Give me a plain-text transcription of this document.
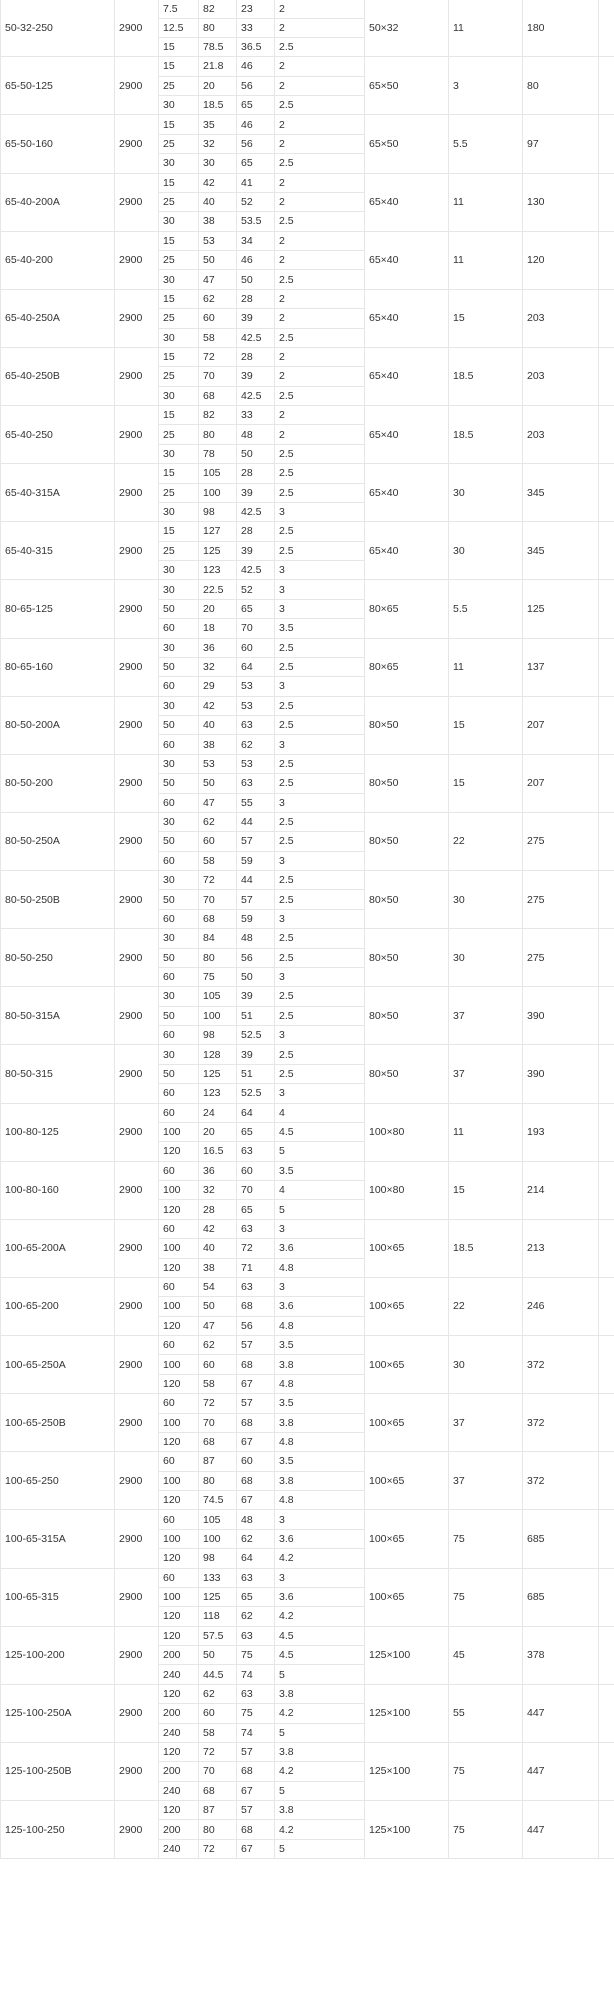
50-32-250	2900	7.5	82	23	2	50×32	11	180	
		12.5	80	33	2				
		15	78.5	36.5	2.5				
65-50-125	2900	15	21.8	46	2	65×50	3	80	
		25	20	56	2				
		30	18.5	65	2.5				
65-50-160	2900	15	35	46	2	65×50	5.5	97	
		25	32	56	2				
		30	30	65	2.5				
65-40-200A	2900	15	42	41	2	65×40	11	130	
		25	40	52	2				
		30	38	53.5	2.5				
65-40-200	2900	15	53	34	2	65×40	11	120	
		25	50	46	2				
		30	47	50	2.5				
65-40-250A	2900	15	62	28	2	65×40	15	203	
		25	60	39	2				
		30	58	42.5	2.5				
65-40-250B	2900	15	72	28	2	65×40	18.5	203	
		25	70	39	2				
		30	68	42.5	2.5				
65-40-250	2900	15	82	33	2	65×40	18.5	203	
		25	80	48	2				
		30	78	50	2.5				
65-40-315A	2900	15	105	28	2.5	65×40	30	345	
		25	100	39	2.5				
		30	98	42.5	3				
65-40-315	2900	15	127	28	2.5	65×40	30	345	
		25	125	39	2.5				
		30	123	42.5	3				
80-65-125	2900	30	22.5	52	3	80×65	5.5	125	
		50	20	65	3				
		60	18	70	3.5				
80-65-160	2900	30	36	60	2.5	80×65	11	137	
		50	32	64	2.5				
		60	29	53	3				
80-50-200A	2900	30	42	53	2.5	80×50	15	207	
		50	40	63	2.5				
		60	38	62	3				
80-50-200	2900	30	53	53	2.5	80×50	15	207	
		50	50	63	2.5				
		60	47	55	3				
80-50-250A	2900	30	62	44	2.5	80×50	22	275	
		50	60	57	2.5				
		60	58	59	3				
80-50-250B	2900	30	72	44	2.5	80×50	30	275	
		50	70	57	2.5				
		60	68	59	3				
80-50-250	2900	30	84	48	2.5	80×50	30	275	
		50	80	56	2.5				
		60	75	50	3				
80-50-315A	2900	30	105	39	2.5	80×50	37	390	
		50	100	51	2.5				
		60	98	52.5	3				
80-50-315	2900	30	128	39	2.5	80×50	37	390	
		50	125	51	2.5				
		60	123	52.5	3				
100-80-125	2900	60	24	64	4	100×80	11	193	
		100	20	65	4.5				
		120	16.5	63	5				
100-80-160	2900	60	36	60	3.5	100×80	15	214	
		100	32	70	4				
		120	28	65	5				
100-65-200A	2900	60	42	63	3	100×65	18.5	213	
		100	40	72	3.6				
		120	38	71	4.8				
100-65-200	2900	60	54	63	3	100×65	22	246	
		100	50	68	3.6				
		120	47	56	4.8				
100-65-250A	2900	60	62	57	3.5	100×65	30	372	
		100	60	68	3.8				
		120	58	67	4.8				
100-65-250B	2900	60	72	57	3.5	100×65	37	372	
		100	70	68	3.8				
		120	68	67	4.8				
100-65-250	2900	60	87	60	3.5	100×65	37	372	
		100	80	68	3.8				
		120	74.5	67	4.8				
100-65-315A	2900	60	105	48	3	100×65	75	685	
		100	100	62	3.6				
		120	98	64	4.2				
100-65-315	2900	60	133	63	3	100×65	75	685	
		100	125	65	3.6				
		120	118	62	4.2				
125-100-200	2900	120	57.5	63	4.5	125×100	45	378	
		200	50	75	4.5				
		240	44.5	74	5				
125-100-250A	2900	120	62	63	3.8	125×100	55	447	
		200	60	75	4.2				
		240	58	74	5				
125-100-250B	2900	120	72	57	3.8	125×100	75	447	
		200	70	68	4.2				
		240	68	67	5				
125-100-250	2900	120	87	57	3.8	125×100	75	447	
		200	80	68	4.2				
		240	72	67	5				
